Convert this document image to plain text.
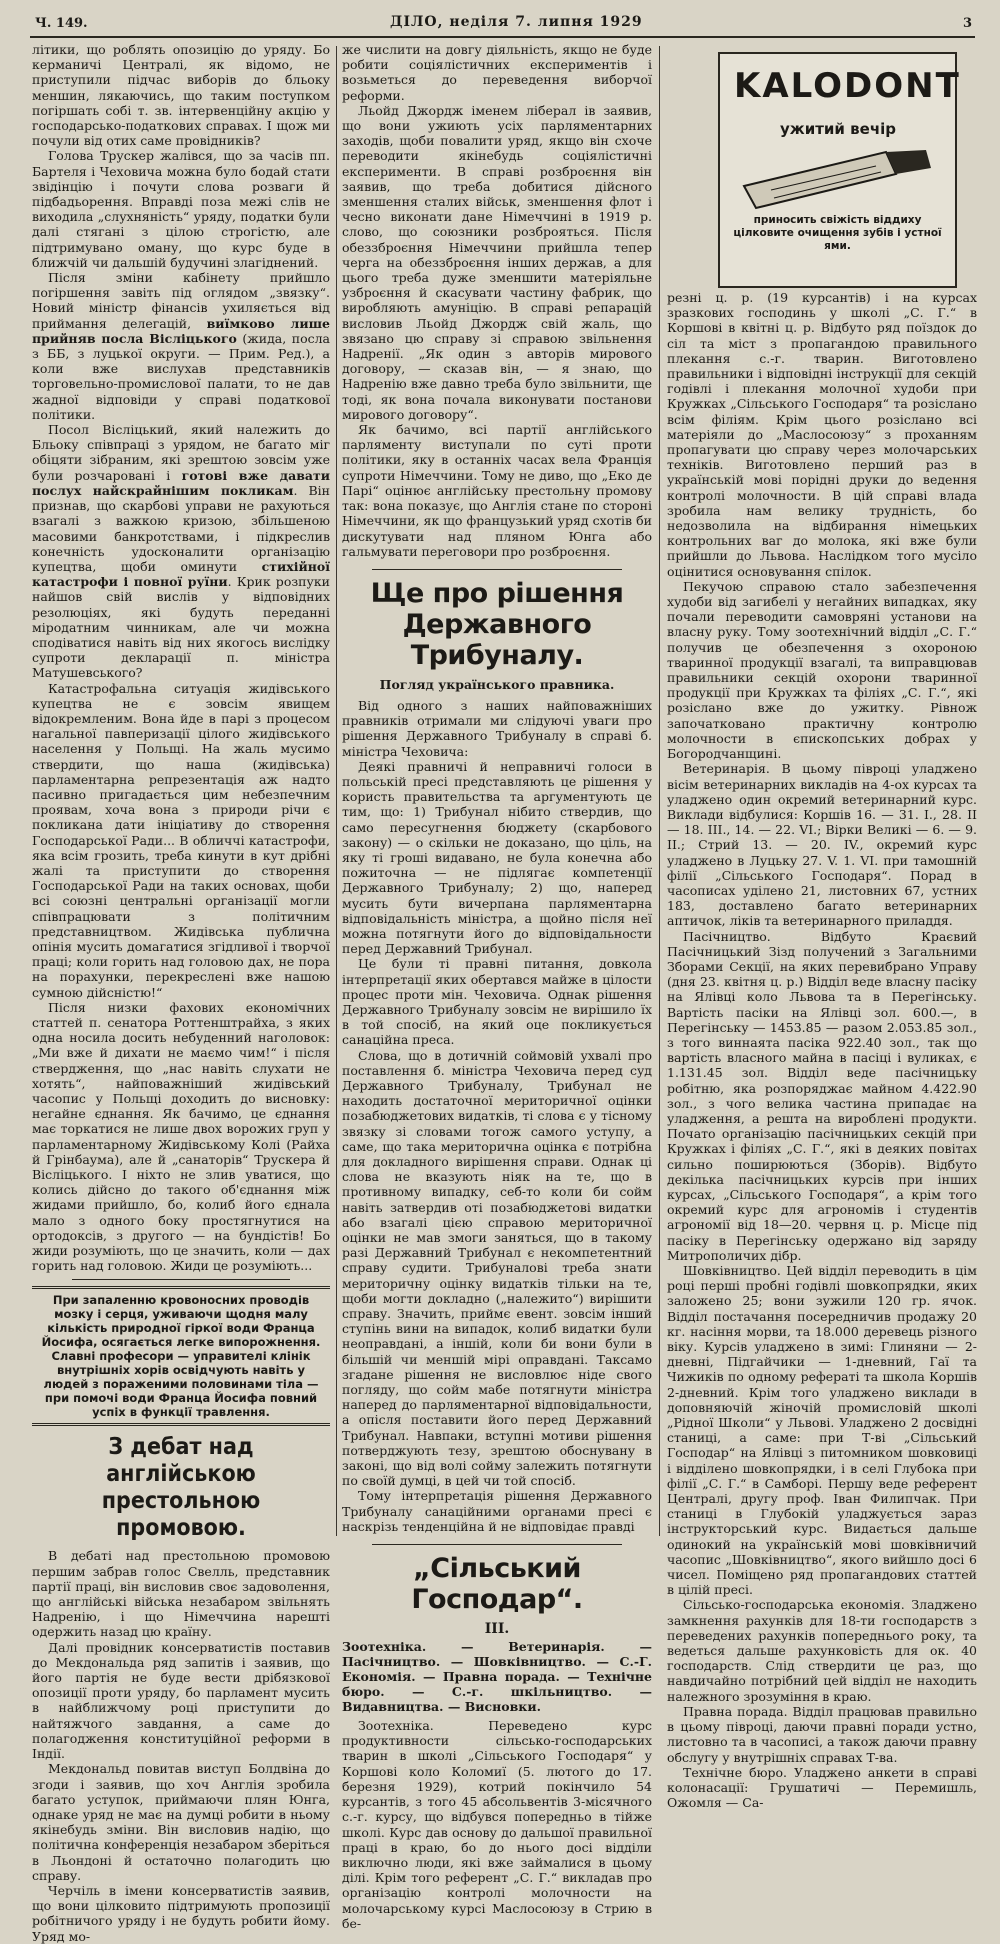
Ч. 149.	ДІЛО, неділя 7. липня 1929	3

літики, що роблять опозицію до уряду. Бо керманичі Централі, як відомо, не приступили підчас виборів до бльоку меншин, лякаючись, що таким поступком погіршать собі т. зв. інтервенційну акцію у господарсько-податкових справах. І щож ми почули від отих саме провідників?

Голова Трускер жалівся, що за часів пп. Бартеля і Чеховича можна було бодай стати звідінцію і почути слова розваги й підбадьорення. Вправді поза межі слів не виходила „слухняність“ уряду, податки були далі стягані з цілою строгістю, але підтримувано оману, що курс буде в ближчій чи дальшій будучині злагіднений.

Після зміни кабінету прийшло погіршення завіть під оглядом „звязку“. Новий міністр фінансів ухиляється від приймання делегацій, виїмково лише прийняв посла Вісліцького (жида, посла з ББ, з луцької округи. — Прим. Ред.), а коли вже вислухав представників торговельно-промислової палати, то не дав жадної відповіди у справі податкової політики.

Посол Вісліцький, який належить до Бльоку співпраці з урядом, не багато міг обіцяти зібраним, які зрештою зовсім уже були розчаровані і готові вже давати послух найскрайнішим покликам. Він признав, що скарбові управи не рахуються взагалі з важкою кризою, збільшеною масовими банкротствами, і підкреслив конечність удосконалити організацію купецтва, щоби оминути стихійної катастрофи і повної руїни. Крик розпуки найшов свій вислів у відповідних резолюціях, які будуть переданні міродатним чинникам, але чи можна сподіватися навіть від них якогось вислідку супроти декларації п. міністра Матушевського?

Катастрофальна ситуація жидівського купецтва не є зовсім явищем відокремленим. Вона йде в парі з процесом нагальної павперизації цілого жидівського населення у Польщі. На жаль мусимо ствердити, що наша (жидівська) парламентарна репрезентація аж надто пасивно пригадається цим небезпечним проявам, хоча вона з природи річи є покликана дати ініціативу до створення Господарської Ради... В обличчі катастрофи, яка всім грозить, треба кинути в кут дрібні жалі та приступити до створення Господарської Ради на таких основах, щоби всі союзні центральні організації могли співпрацювати з політичним представництвом. Жидівська публична опінія мусить домагатися згідливої і творчої праці; коли горить над головою дах, не пора на порахунки, перекреслені вже нашою сумною дійсністю!“

Після низки фахових економічних статтей п. сенатора Роттенштрайха, з яких одна носила досить небуденний наголовок: „Ми вже й дихати не маємо чим!“ і після ствердження, що „нас навіть слухати не хотять“, найповажніший жидівський часопис у Польщі доходить до висновку: негайне єднання. Як бачимо, це єднання має торкатися не лише двох ворожих груп у парламентарному Жидівському Колі (Райха й Грінбаума), але й „санаторів“ Трускера й Вісліцького. І ніхто не злив уватися, що колись дійсно до такого об'єднання між жидами прийшло, бо, колиб його єднала мало з одного боку простягнутися на ортодоксів, з другого — на бундістів! Бо жиди розуміють, що це значить, коли — дах горить над головою. Жиди це розуміють...

При запаленню кровоносних проводів мозку і серця, уживаючи щодня малу кількість природної гіркої води Франца Йосифа, осягається легке випорожнення. Славні професори — управителі клінік внутрішніх хорів освідчують навіть у людей з пораженими половинами тіла — при помочі води Франца Йосифа повний успіх в функції травлення.

З дебат над англійською престольною промовою.

В дебаті над престольною промовою першим забрав голос Свелль, представник партії праці, він висловив своє задоволення, що англійські війська незабаром звільнять Надренію, і що Німеччина нарешті одержить назад цю країну.

Далі провідник консерватистів поставив до Мекдональда ряд запитів і заявив, що його партія не буде вести дрібязкової опозиції проти уряду, бо парламент мусить в найближчому році приступити до найтяжчого завдання, а саме до полагодження конституційної реформи в Індії.

Мекдональд повитав виступ Болдвіна до згоди і заявив, що хоч Англія зробила багато уступок, приймаючи плян Юнга, однаке уряд не має на думці робити в ньому якінебудь зміни. Він висловив надію, що політична конференція незабаром зберіться в Льондоні й остаточно полагодить цю справу.

Черчіль в імени консерватистів заявив, що вони цілковито підтримують пропозиції робітничого уряду і не будуть робити йому. Уряд мо-

же числити на довгу діяльність, якщо не буде робити соціялістичних експериментів і возьметься до переведення виборчої реформи.

Льойд Джордж іменем ліберал ів заявив, що вони ужиють усіх парляментарних заходів, щоби повалити уряд, якщо він схоче переводити якінебудь соціялістичні експерименти. В справі розброєння він заявив, що треба добитися дійсного зменшення сталих військ, зменшення флот і чесно виконати дане Німеччині в 1919 р. слово, що союзники розброяться. Після обеззброєння Німеччини прийшла тепер черга на обеззброєння інших держав, а для цього треба дуже зменшити матеріяльне узброєння й скасувати частину фабрик, що виробляють амуніцію. В справі репарацій висловив Льойд Джордж свій жаль, що звязано цю справу зі справою звільнення Надренії. „Як один з авторів мирового договору, — сказав він, — я знаю, що Надренію вже давно треба було звільнити, ще тоді, як вона почала виконувати постанови мирового договору“.

Як бачимо, всі партії англійського парляменту виступали по суті проти політики, яку в останніх часах вела Франція супроти Німеччини. Тому не диво, що „Еко де Парі“ оцінює англійську престольну промову так: вона показує, що Англія стане по стороні Німеччини, як що французький уряд схотів би дискутувати над пляном Юнга або гальмувати переговори про розброєння.

Ще про рішення Державного Трибуналу.

Погляд українського правника.

Від одного з наших найповажніших правників отримали ми слідуючі уваги про рішення Державного Трибуналу в справі б. міністра Чеховича:

Деякі правничі й неправничі голоси в польській пресі представляють це рішення у користь правительства та аргументують це тим, що: 1) Трибунал нібито ствердив, що само пересугнення бюджету (скарбового закону) — о скільки не доказано, що ціль, на яку ті гроші видавано, не була конечна або пожиточна — не підлягає компетенції Державного Трибуналу; 2) що, наперед мусить бути вичерпана парляментарна відповідальність міністра, а щойно після неї можна потягнути його до відповідальности перед Державний Трибунал.

Це були ті правні питання, довкола інтерпретації яких обертався майже в цілости процес проти мін. Чеховича. Однак рішення Державного Трибуналу зовсім не вирішило їх в той спосіб, на який оце покликується санаційна преса.

Слова, що в дотичній соймовій ухвалі про поставлення б. міністра Чеховича перед суд Державного Трибуналу, Трибунал не находить достаточної мериторичної оцінки позабюджетових видатків, ті слова є у тісному звязку зі словами тогож самого уступу, а саме, що така мериторична оцінка є потрібна для докладного вирішення справи. Однак ці слова не вказують ніяк на те, що в противному випадку, себ-то коли би сойм навіть затвердив оті позабюджетові видатки або взагалі цією справою мериторичної оцінки не мав змоги заняться, що в такому разі Державний Трибунал є некомпетентний справу судити. Трибуналові треба знати мериторичну оцінку видатків тільки на те, щоби могти докладно („належито“) вирішити справу. Значить, приймє евент. зовсім інший ступінь вини на випадок, колиб видатки були неоправдані, а іншій, коли би вони були в більшій чи меншій мірі оправдані. Таксамо згадане рішення не висловлює ніде свого погляду, що сойм мабе потягнути міністра наперед до парляментарної відповідальности, а опісля поставити його перед Державний Трибунал. Навпаки, вступні мотиви рішення потверджують тезу, зрештою обоснувану в законі, що від волі сойму залежить потягнути по своїй думці, в цей чи той спосіб.

Тому інтерпретація рішення Державного Трибуналу санаційними органами пресі є наскрізь тенденційна й не відповідає правді

„Сільський Господар“.

III.

Зоотехніка. — Ветеринарія. — Пасічництво. — Шовківництво. — С.-Г. Економія. — Правна порада. — Технічне бюро. — С.-г. шкільництво. — Видавництва. — Висновки.

Зоотехніка. Переведено курс продуктивности сільсько-господарських тварин в школі „Сільського Господаря“ у Коршові коло Коломиї (5. лютого до 17. березня 1929), котрий покінчило 54 курсантів, з того 45 абсольвентів 3-місячного с.-г. курсу, що відбувся попередньо в тійже школі. Курс дав основу до дальшої правильної праці в краю, бо до нього досі відділи виключно люди, які вже займалися в цьому ділі. Крім того референт „С. Г.“ викладав про організацію контролі молочности на молочарському курсі Маслосоюзу в Стрию в бе-

KALODONT
ужитий вечір
приносить свіжість віддиху цілковите очищення зубів і устної ями.

резні ц. р. (19 курсантів) і на курсах зразкових господинь у школі „С. Г.“ в Коршові в квітні ц. р. Відбуто ряд поїздок до сіл та міст з пропагандою правильного плекання с.-г. тварин. Виготовлено правильники і відповідні інструкції для секцій годівлі і плекання молочної худоби при Кружках „Сільського Господаря“ та розіслано всім філіям. Крім цього розіслано всі матеріяли до „Маслосоюзу“ з проханням пропагувати цю справу через молочарських техніків. Виготовлено перший раз в українській мові порідні друки до ведення контролі молочности. В цій справі влада зробила нам велику трудність, бо недозволила на відбирання німецьких контрольних ваг до молока, які вже були прийшли до Львова. Наслідком того мусіло оцінитися основування спілок.

Пекучою справою стало забезпечення худоби від загибелі у негайних випадках, яку почали переводити самовряні установи на власну руку. Тому зоотехнічний відділ „С. Г.“ получив це обезпечення з охороною тваринної продукції взагалі, та виправцював правильники секцій охорони тваринної продукції при Кружках та філіях „С. Г.“, які розіслано вже до ужитку. Рівнож започатковано практичну контролю молочности в єпископських добрах у Богородчанщині.

Ветеринарія. В цьому півроці уладжено вісім ветеринарних викладів на 4-ох курсах та уладжено один окремий ветеринарний курс. Виклади відбулися: Коршів 16. — 31. І., 28. ІІ — 18. ІІІ., 14. — 22. VI.; Вірки Великі — 6. — 9. ІІ.; Стрий 13. — 20. ІV., окремий курс уладжено в Луцьку 27. V. 1. VI. при тамошній філії „Сільського Господаря“. Порад в часописах уділено 21, листовних 67, устних 183, доставлено багато ветеринарних аптичок, ліків та ветеринарного приладдя.

Пасічництво. Відбуто Краєвий Пасічницький Зізд получений з Загальними Зборами Секції, на яких перевибрано Управу (дня 23. квітня ц. р.) Відділ веде власну пасіку на Ялівці коло Львова та в Перегінську. Вартість пасіки на Ялівці зол. 600.—, в Перегінську — 1453.85 — разом 2.053.85 зол., з того виннаята пасіка 922.40 зол., так що вартість власного майна в пасіці і вуликах, є 1.131.45 зол. Відділ веде пасічницьку робітню, яка розпоряджає майном 4.422.90 зол., з чого велика частина припадає на уладження, а решта на вироблені продукти. Почато організацію пасічницьких секцій при Кружках і філіях „С. Г.“, які в деяких повітах сильно поширюються (Зборів). Відбуто декілька пасічницьких курсів при інших курсах, „Сільського Господаря“, а крім того окремий курс для агрономів і студентів агрономії від 18—20. червня ц. р. Місце під пасіку в Перегінську одержано від заряду Митрополичих дібр.

Шовківництво. Цей відділ переводить в цім році перші пробні годівлі шовкопрядки, яких заложено 25; вони зужили 120 гр. ячок. Відділ постачання посередничив продажу 20 кг. насіння морви, та 18.000 деревець різного віку. Курсів уладжено в зимі: Глиняни — 2-дневні, Підгайчики — 1-дневний, Гаї та Чижиків по одному рефераті та школа Коршів 2-дневний. Крім того уладжено виклади в доповняючій жіночій промисловій школі „Рідної Школи“ у Львові. Уладжено 2 досвідні станиці, а саме: при Т-ві „Сільський Господар“ на Ялівці з питомником шовковиці і відділено шовкопрядки, і в селі Глубока при філії „С. Г.“ в Самборі. Першу веде референт Централі, другу проф. Іван Филипчак. При станиці в Глубокій уладжується зараз інструкторський курс. Видається дальше одинокий на українській мові шовківничий часопис „Шовківництво“, якого вийшло досі 6 чисел. Поміщено ряд пропагандових статтей в цілій пресі.

Сільсько-господарська економія. Зладжено замкнення рахунків для 18-ти господарств з переведених рахунків попереднього року, та ведеться дальше рахунковість для ок. 40 господарств. Слід ствердити це раз, що навдичайно потрібний цей відділ не находить належного зрозуміння в краю.

Правна порада. Відділ працював правильно в цьому півроці, даючи правні поради устно, листовно та в часописі, а також даючи правну обслугу у внутрішніх справах Т-ва.

Технічне бюро. Уладжено анкети в справі колонасації: Грушатичі — Перемишль, Ожомля — Са-
